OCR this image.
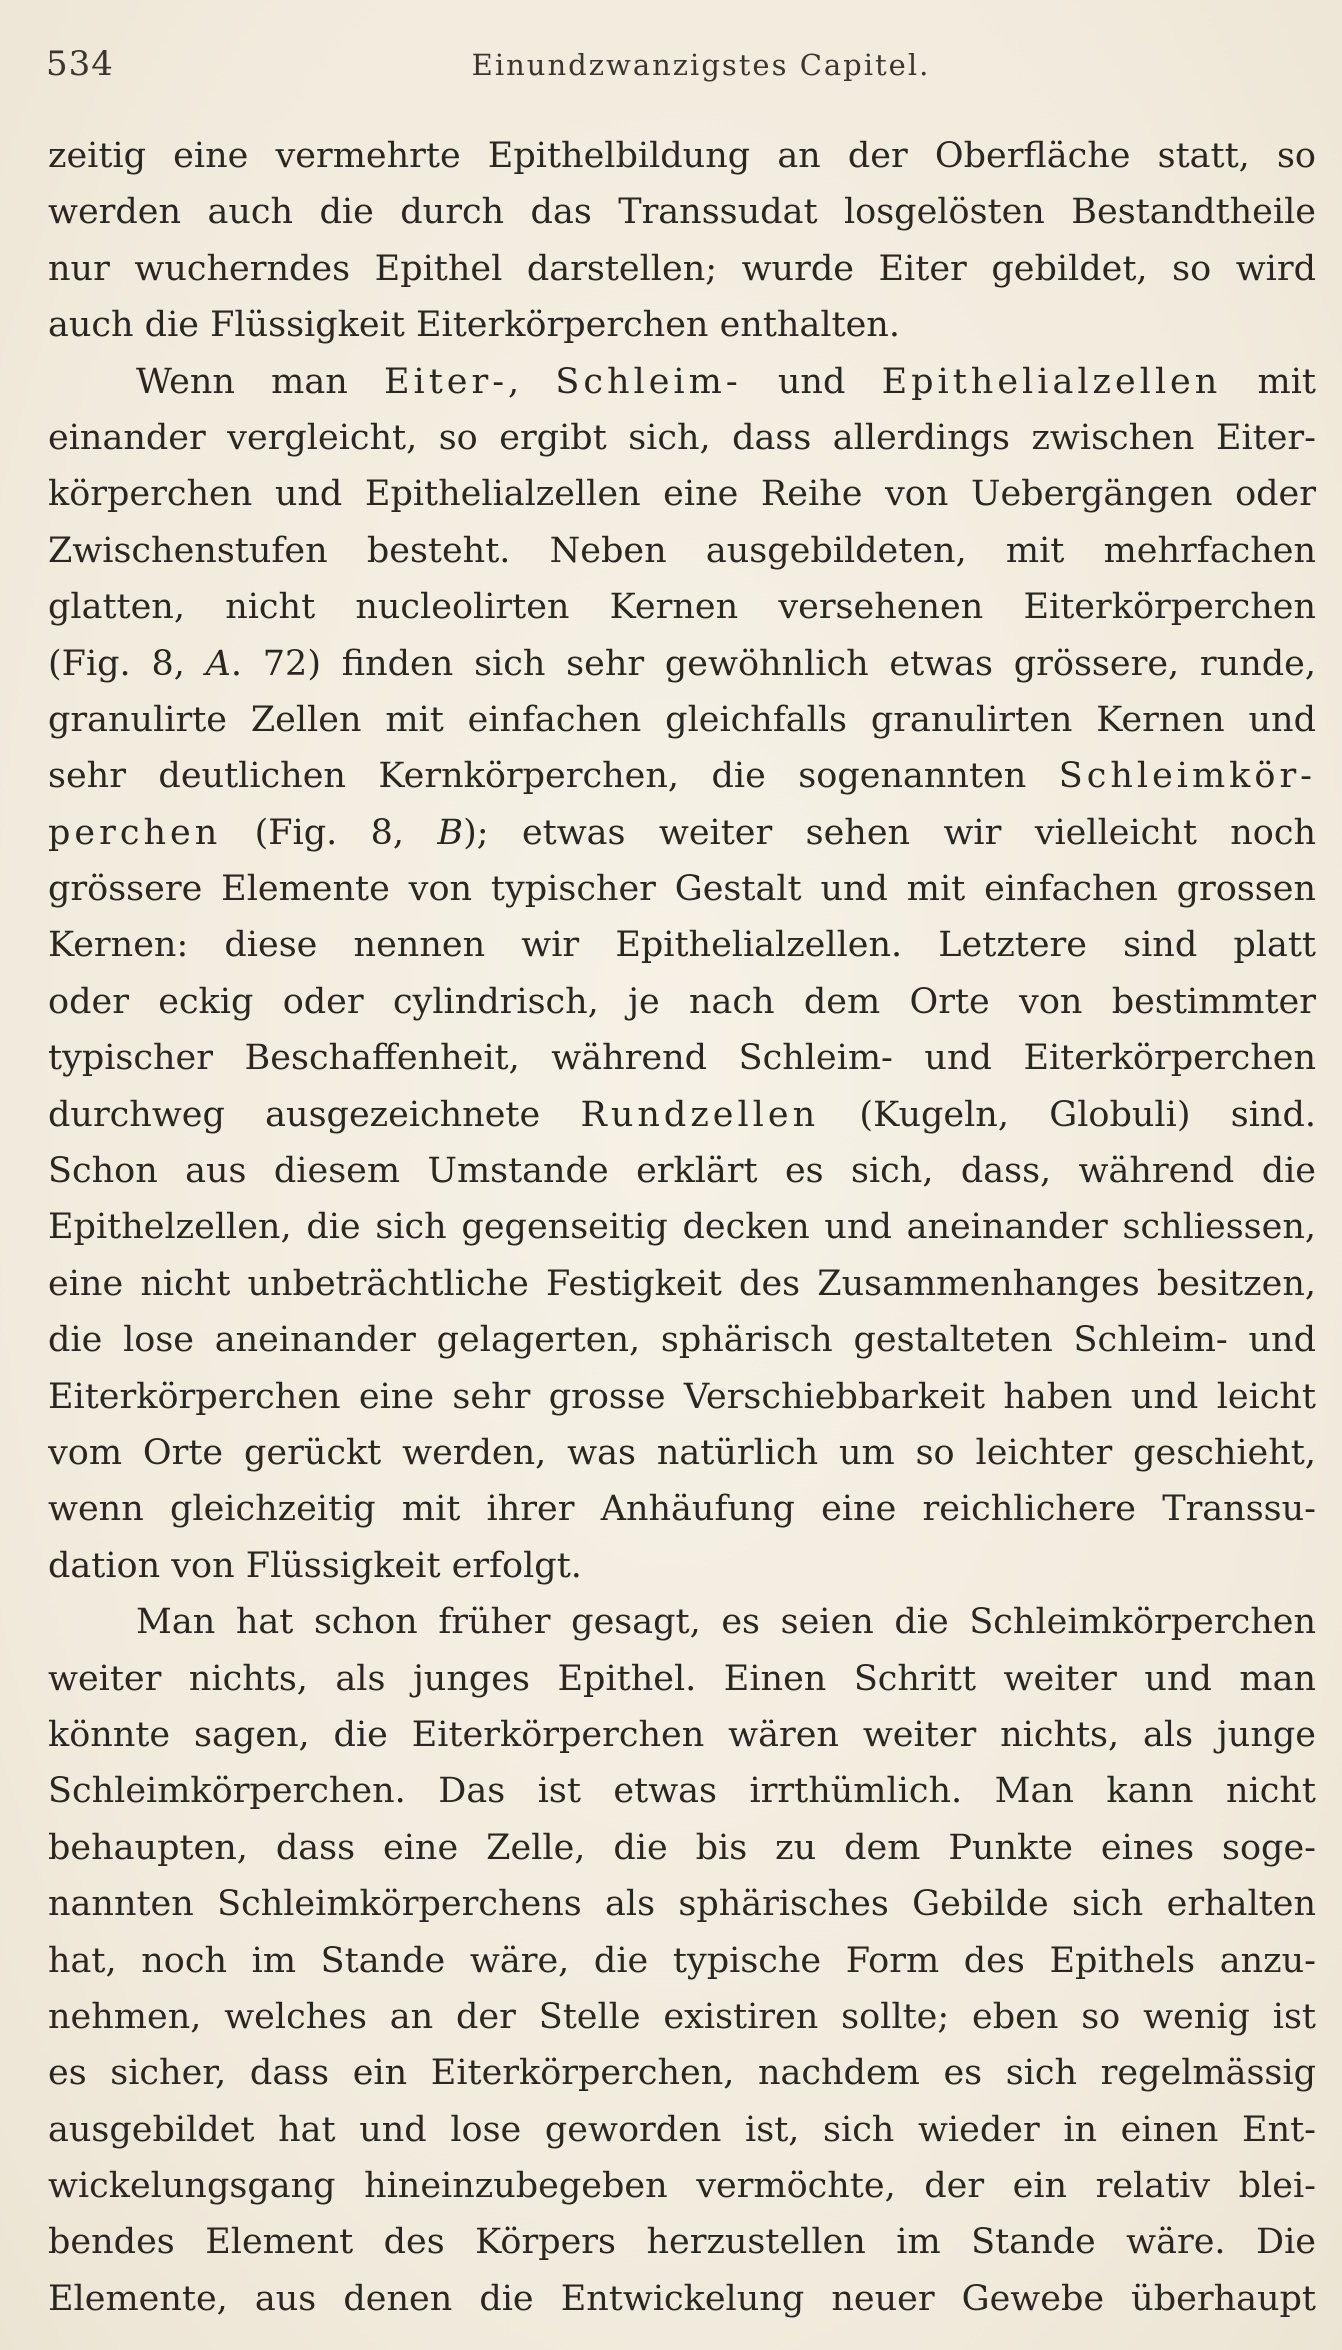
534	Einundzwanzigstes Capitel.
zeitig eine vermehrte Epithelbildung an der Oberfläche statt, so
werden auch die durch das Transsudat losgelösten Bestandtheile
nur wucherndes Epithel darstellen; wurde Eiter gebildet, so wird
auch die Flüssigkeit Eiterkörperchen enthalten.
Wenn man Eiter-, Schleim- und Epithelialzellen mit
einander vergleicht, so ergibt sich, dass allerdings zwischen Eiter-
körperchen und Epithelialzellen eine Reihe von Uebergängen oder
Zwischenstufen besteht. Neben ausgebildeten, mit mehrfachen
glatten, nicht nucleolirten Kernen versehenen Eiterkörperchen
(Fig. 8, A. 72) finden sich sehr gewöhnlich etwas grössere, runde,
granulirte Zellen mit einfachen gleichfalls granulirten Kernen und
sehr deutlichen Kernkörperchen, die sogenannten Schleimkör-
perchen (Fig. 8, B); etwas weiter sehen wir vielleicht noch
grössere Elemente von typischer Gestalt und mit einfachen grossen
Kernen: diese nennen wir Epithelialzellen. Letztere sind platt
oder eckig oder cylindrisch, je nach dem Orte von bestimmter
typischer Beschaffenheit, während Schleim- und Eiterkörperchen
durchweg ausgezeichnete Rundzellen (Kugeln, Globuli) sind.
Schon aus diesem Umstande erklärt es sich, dass, während die
Epithelzellen, die sich gegenseitig decken und aneinander schliessen,
eine nicht unbeträchtliche Festigkeit des Zusammenhanges besitzen,
die lose aneinander gelagerten, sphärisch gestalteten Schleim- und
Eiterkörperchen eine sehr grosse Verschiebbarkeit haben und leicht
vom Orte gerückt werden, was natürlich um so leichter geschieht,
wenn gleichzeitig mit ihrer Anhäufung eine reichlichere Transsu-
dation von Flüssigkeit erfolgt.
Man hat schon früher gesagt, es seien die Schleimkörperchen
weiter nichts, als junges Epithel. Einen Schritt weiter und man
könnte sagen, die Eiterkörperchen wären weiter nichts, als junge
Schleimkörperchen. Das ist etwas irrthümlich. Man kann nicht
behaupten, dass eine Zelle, die bis zu dem Punkte eines soge-
nannten Schleimkörperchens als sphärisches Gebilde sich erhalten
hat, noch im Stande wäre, die typische Form des Epithels anzu-
nehmen, welches an der Stelle existiren sollte; eben so wenig ist
es sicher, dass ein Eiterkörperchen, nachdem es sich regelmässig
ausgebildet hat und lose geworden ist, sich wieder in einen Ent-
wickelungsgang hineinzubegeben vermöchte, der ein relativ blei-
bendes Element des Körpers herzustellen im Stande wäre. Die
Elemente, aus denen die Entwickelung neuer Gewebe überhaupt
